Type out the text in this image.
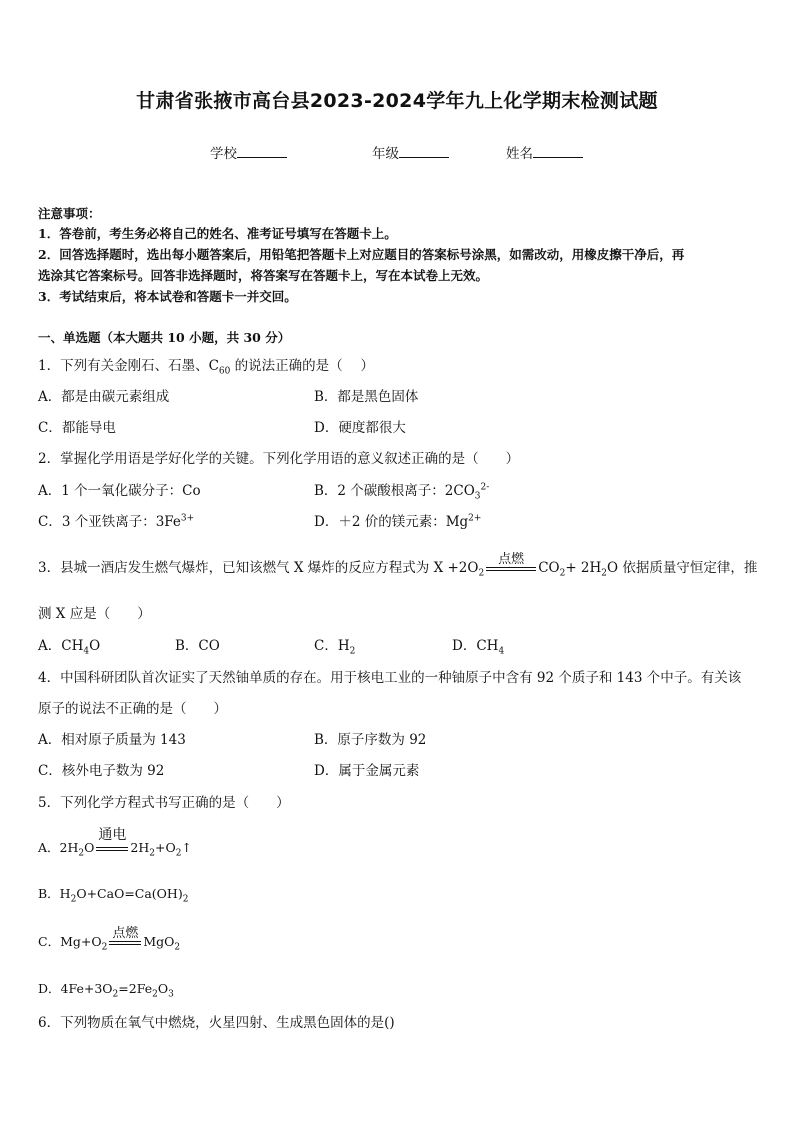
甘肃省张掖市高台县2023-2024学年九上化学期末检测试题
学校	年级	姓名
注意事项：
1．答卷前，考生务必将自己的姓名、准考证号填写在答题卡上。
2．回答选择题时，选出每小题答案后，用铅笔把答题卡上对应题目的答案标号涂黑，如需改动，用橡皮擦干净后，再
选涂其它答案标号。回答非选择题时，将答案写在答题卡上，写在本试卷上无效。
3．考试结束后，将本试卷和答题卡一并交回。
一、单选题（本大题共 10 小题，共 30 分）
1．下列有关金刚石、石墨、$C_{60}$ 的说法正确的是（　 ）
A．都是由碳元素组成	B．都是黑色固体
C．都能导电	D．硬度都很大
2．掌握化学用语是学好化学的关键。下列化学用语的意义叙述正确的是（　　）
A．1 个一氧化碳分子：Co	B．2 个碳酸根离子：$2CO_3^{2-}$
C．3 个亚铁离子：$3Fe^{3+}$	D．＋2 价的镁元素：$Mg^{2+}$
3．县城一酒店发生燃气爆炸，已知该燃气 X 爆炸的反应方程式为 $X +2O_2$
点燃
$CO_2+ 2H_2O$ 依据质量守恒定律，推
测 X 应是（　　）
A．$CH_4O$	B．CO	C．$H_2$	D．$CH_4$
4．中国科研团队首次证实了天然铀单质的存在。用于核电工业的一种铀原子中含有 92 个质子和 143 个中子。有关该
原子的说法不正确的是（　　）
A．相对原子质量为 143	B．原子序数为 92
C．核外电子数为 92	D．属于金属元素
5．下列化学方程式书写正确的是（　　）
A．$2H_2O$
通电
$2H_2+O_2↑$
B．$H_2O+CaO=Ca(OH)_2$
C．$Mg+O_2$
点燃
MgO$_2$
D．$4Fe+3O_2=2Fe_2O_3$
6．下列物质在氧气中燃烧，火星四射、生成黑色固体的是()
